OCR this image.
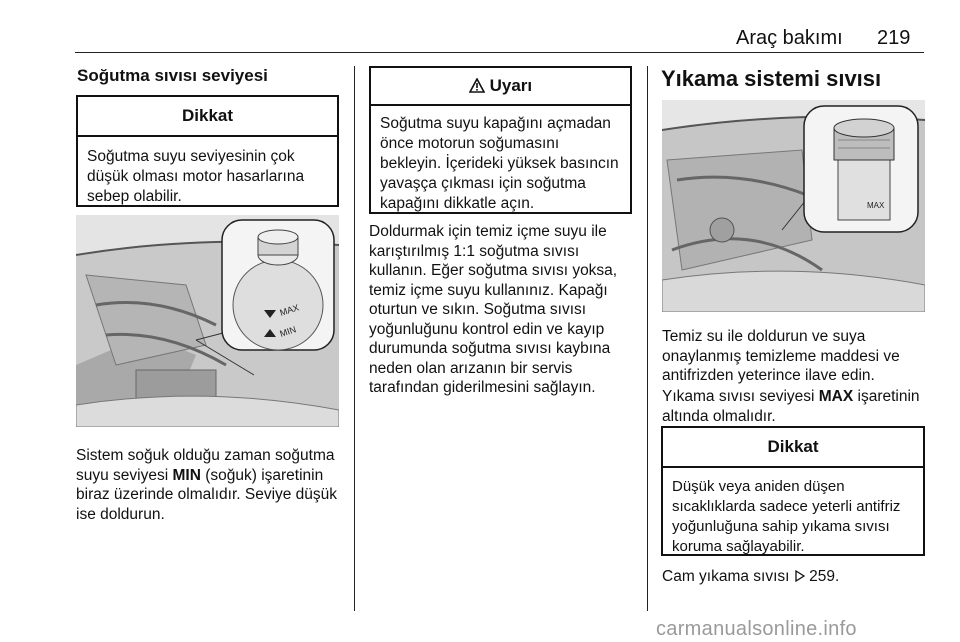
Araç bakımı 219
Soğutma sıvısı seviyesi
Dikkat
Soğutma suyu seviyesinin çok düşük olması motor hasarlarına sebep olabilir.
MAX
MIN
Sistem soğuk olduğu zaman soğutma suyu seviyesi MIN (soğuk) işaretinin biraz üzerinde olmalıdır. Seviye düşük ise doldurun.
Uyarı
Soğutma suyu kapağını açmadan önce motorun soğumasını bekleyin. İçerideki yüksek basıncın yavaşça çıkması için soğutma kapağını dikkatle açın.
Doldurmak için temiz içme suyu ile karıştırılmış 1:1 soğutma sıvısı kullanın. Eğer soğutma sıvısı yoksa, temiz içme suyu kullanınız. Kapağı oturtun ve sıkın. Soğutma sıvısı yoğunluğunu kontrol edin ve kayıp durumunda soğutma sıvısı kaybına neden olan arızanın bir servis tarafından giderilmesini sağlayın.
Yıkama sistemi sıvısı
MAX
Temiz su ile doldurun ve suya onaylanmış temizleme maddesi ve antifrizden yeterince ilave edin.
Yıkama sıvısı seviyesi MAX işaretinin altında olmalıdır.
Dikkat
Düşük veya aniden düşen sıcaklıklarda sadece yeterli antifriz yoğunluğuna sahip yıkama sıvısı koruma sağlayabilir.
Cam yıkama sıvısı 259.
carmanualsonline.info
